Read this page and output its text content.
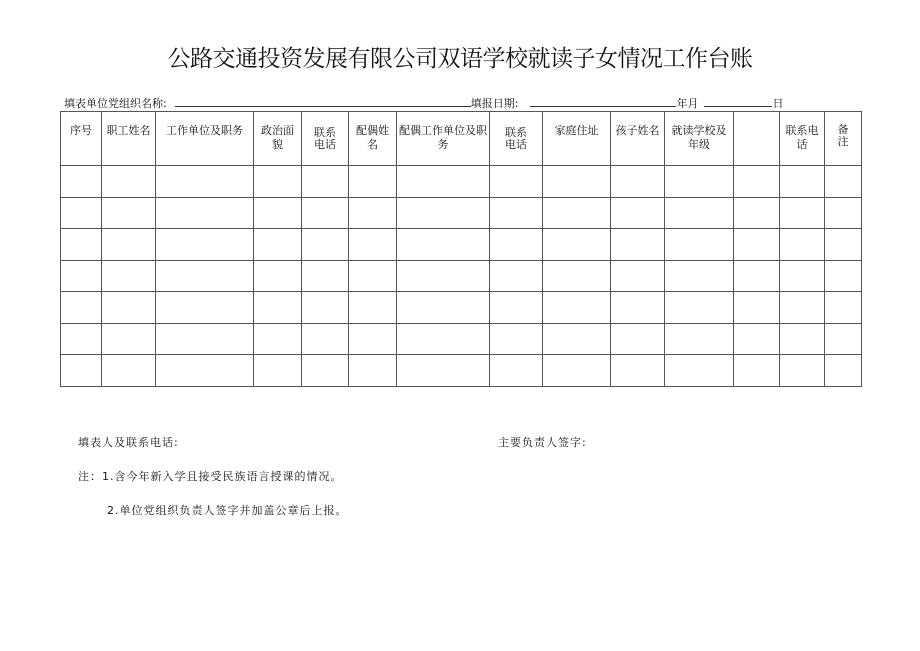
公路交通投资发展有限公司双语学校就读子女情况工作台账
填表单位党组织名称:	填报日期:	年月	日
序号	职工姓名	工作单位及职务	政治面貌	联系电话	配偶姓名	配偶工作单位及职务	联系电话	家庭住址	孩子姓名	就读学校及年级		联系电话	备注

填表人及联系电话:	主要负责人签字:
注：1.含今年新入学且接受民族语言授课的情况。
2.单位党组织负责人签字并加盖公章后上报。
